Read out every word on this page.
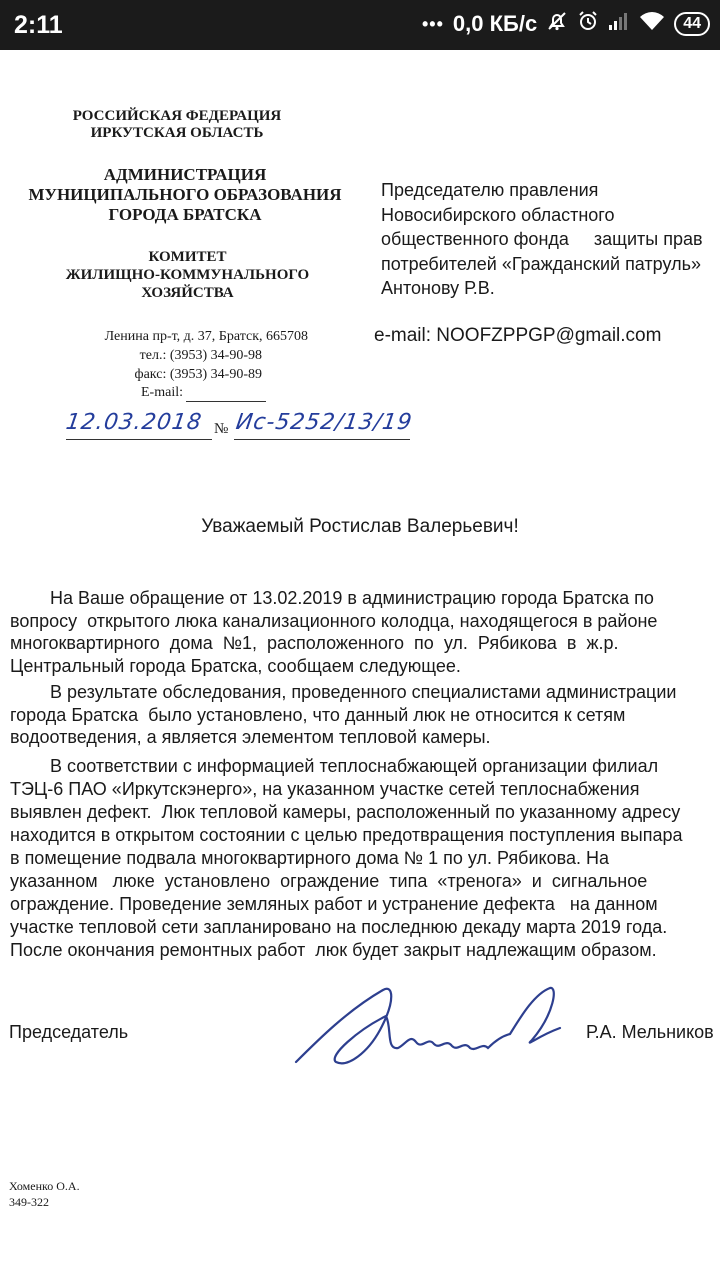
2:11	••• 0,0 КБ/с	44
РОССИЙСКАЯ ФЕДЕРАЦИЯ
ИРКУТСКАЯ ОБЛАСТЬ
АДМИНИСТРАЦИЯ
МУНИЦИПАЛЬНОГО ОБРАЗОВАНИЯ
ГОРОДА БРАТСКА
КОМИТЕТ
ЖИЛИЩНО-КОММУНАЛЬНОГО
ХОЗЯЙСТВА
Ленина пр-т, д. 37, Братск, 665708
тел.: (3953) 34-90-98
факс: (3953) 34-90-89
E-mail:
Председателю правления
Новосибирского областного
общественного фонда     защиты прав
потребителей «Гражданский патруль»
Антонову Р.В.
e-mail: NOOFZPPGP@gmail.com
12.03.2018 № Ис-5252/13/19
Уважаемый Ростислав Валерьевич!
На Ваше обращение от 13.02.2019 в администрацию города Братска по
вопросу  открытого люка канализационного колодца, находящегося в районе
многоквартирного  дома  №1,  расположенного  по  ул.  Рябикова  в  ж.р.
Центральный города Братска, сообщаем следующее.
В результате обследования, проведенного специалистами администрации
города Братска  было установлено, что данный люк не относится к сетям
водоотведения, а является элементом тепловой камеры.
В соответствии с информацией теплоснабжающей организации филиал
ТЭЦ-6 ПАО «Иркутскэнерго», на указанном участке сетей теплоснабжения
выявлен дефект.  Люк тепловой камеры, расположенный по указанному адресу
находится в открытом состоянии с целью предотвращения поступления выпара
в помещение подвала многоквартирного дома № 1 по ул. Рябикова. На
указанном   люке  установлено  ограждение  типа  «тренога»  и  сигнальное
ограждение. Проведение земляных работ и устранение дефекта   на данном
участке тепловой сети запланировано на последнюю декаду марта 2019 года.
После окончания ремонтных работ  люк будет закрыт надлежащим образом.
Председатель	Р.А. Мельников
Хоменко О.А.
349-322
